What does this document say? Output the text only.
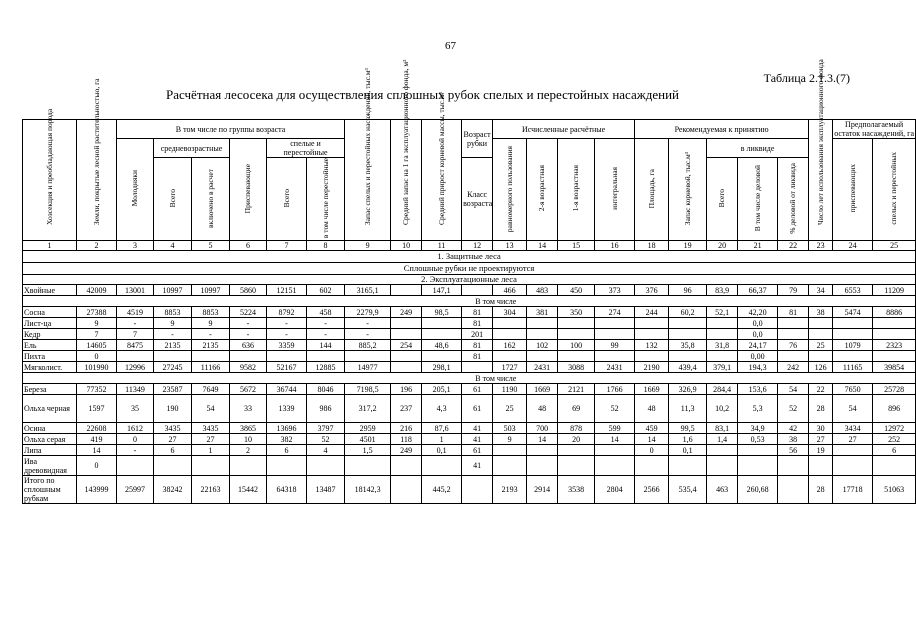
67
Таблица 2.1.3.(7)
Расчётная лесосека для осуществления сплошных рубок спелых и перестойных насаждений
Хозсекция и преобладающая порода	Земли, покрытые лесной растительностью, га	В том числе по группы возраста						Запас спелых и перестойных насаждений, тыс.м³	Средний запас на 1 га эксплуатационного фонда, м³	Средний прирост корневой массы, тыс.м³	Возраст рубки	Исчисленные расчётные				Рекомендуемая к принятию					Число лет использования эксплуатационного фонда	Предполагаемый остаток насаждений, га	
		Молодняки	средневозрастные		Приспевающие	спелые и перестойные						равномерного пользования	2-я возрастная	1-я возрастная	интегральная	Площадь, га	Запас корневой, тыс.м³	в ликвиде				приспевающих	спелых и перестойных
			Всего	включено в расчет		Всего	в том числе перестойные				Класс возраста							Всего	В том числе деловой	% деловой от ликвида			
1	2	3	4	5	6	7	8	9	10	11	12	13	14	15	16	18	19	20	21	22	23	24	25
1. Защитные леса																							
Сплошные рубки не проектируются																							
2. Эксплуатационные леса																							
Хвойные	42009	13001	10997	10997	5860	12151	602	3165,1		147,1		466	483	450	373	376	96	83,9	66,37	79	34	6553	11209
	В том числе																						
Сосна	27388	4519	8853	8853	5224	8792	458	2279,9	249	98,5	81	304	381	350	274	244	60,2	52,1	42,20	81	38	5474	8886
Лист-ца	9	-	9	9	-	-	-	-			81								0,0				
Кедр	7	7	-	-	-	-	-	-			201								0,0				
Ель	14605	8475	2135	2135	636	3359	144	885,2	254	48,6	81	162	102	100	99	132	35,8	31,8	24,17	76	25	1079	2323
Пихта	0										81								0,00				
Мягколист.	101990	12996	27245	11166	9582	52167	12885	14977		298,1		1727	2431	3088	2431	2190	439,4	379,1	194,3	242	126	11165	39854
	В том числе																						
Береза	77352	11349	23587	7649	5672	36744	8046	7198,5	196	205,1	61	1190	1669	2121	1766	1669	326,9	284,4	153,6	54	22	7650	25728
Ольха черная	1597	35	190	54	33	1339	986	317,2	237	4,3	61	25	48	69	52	48	11,3	10,2	5,3	52	28	54	896
Осина	22608	1612	3435	3435	3865	13696	3797	2959	216	87,6	41	503	700	878	599	459	99,5	83,1	34,9	42	30	3434	12972
Ольха серая	419	0	27	27	10	382	52	4501	118	1	41	9	14	20	14	14	1,6	1,4	0,53	38	27	27	252
Липа	14	-	6	1	2	6	4	1,5	249	0,1	61					0	0,1			56	19		6
Ива древовидная	0										41												
Итого по сплошным рубкам	143999	25997	38242	22163	15442	64318	13487	18142,3		445,2		2193	2914	3538	2804	2566	535,4	463	260,68		28	17718	51063
